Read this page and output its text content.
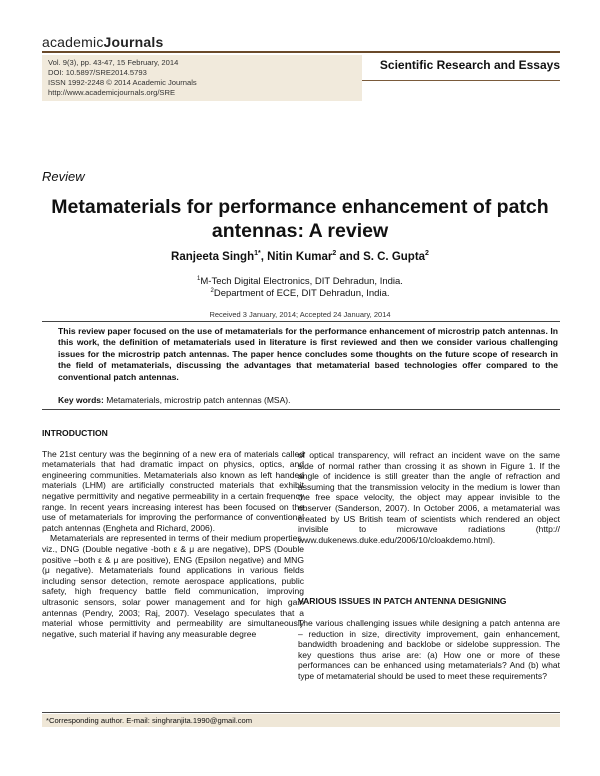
academicJournals
Vol. 9(3), pp. 43-47, 15 February, 2014
DOI: 10.5897/SRE2014.5793
ISSN 1992-2248 © 2014 Academic Journals
http://www.academicjournals.org/SRE
Scientific Research and Essays
Review
Metamaterials for performance enhancement of patch
antennas: A review
Ranjeeta Singh$^{1*}$, Nitin Kumar$^2$ and S. C. Gupta$^2$
$^1$M-Tech Digital Electronics, DIT Dehradun, India.
$^2$Department of ECE, DIT Dehradun, India.
Received 3 January, 2014; Accepted 24 January, 2014
This review paper focused on the use of metamaterials for the performance enhancement of microstrip patch antennas. In this work, the definition of metamaterials used in literature is first reviewed and then we consider various challenging issues for the microstrip patch antennas. The paper hence concludes some thoughts on the future scope of research in the field of metamaterials, discussing the advantages that metamaterial based technologies offer compared to the conventional patch antennas.
Key words: Metamaterials, microstrip patch antennas (MSA).
INTRODUCTION

The 21st century was the beginning of a new era of materials called metamaterials that had dramatic impact on physics, optics, and engineering communities. Metamaterials also known as left handed materials (LHM) are artificially constructed materials that exhibit negative permittivity and negative permeability in a certain frequency range. In recent years increasing interest has been focused on the use of metamaterials for improving the performance of conventional patch antennas (Engheta and Richard, 2006).

Metamaterials are represented in terms of their medium properties, viz., DNG (Double negative -both ε & μ are negative), DPS (Double positive –both ε & μ are positive), ENG (Epsilon negative) and MNG (μ negative). Metamaterials found applications in various fields including sensor detection, remote aerospace applications, public safety, high frequency battle field communication, improving ultrasonic sensors, solar power management and for high gain antennas (Pendry, 2003; Raj, 2007). Veselago speculates that a material whose permittivity and permeability are simultaneously negative, such material if having any measurable degree

of optical transparency, will refract an incident wave on the same side of normal rather than crossing it as shown in Figure 1. If the angle of incidence is still greater than the angle of refraction and assuming that the transmission velocity in the medium is lower than the free space velocity, the object may appear invisible to the observer (Sanderson, 2007). In October 2006, a metamaterial was created by US British team of scientists which rendered an object invisible to microwave radiations (http:// www.dukenews.duke.edu/2006/10/cloakdemo.html).

VARIOUS ISSUES IN PATCH ANTENNA DESIGNING
The various challenging issues while designing a patch antenna are – reduction in size, directivity improvement, gain enhancement, bandwidth broadening and backlobe or sidelobe suppression. The key questions thus arise are: (a) How one or more of these performances can be enhanced using metamaterials? And (b) what type of metamaterial should be used to meet these requirements?
*Corresponding author. E-mail: singhranjita.1990@gmail.com
